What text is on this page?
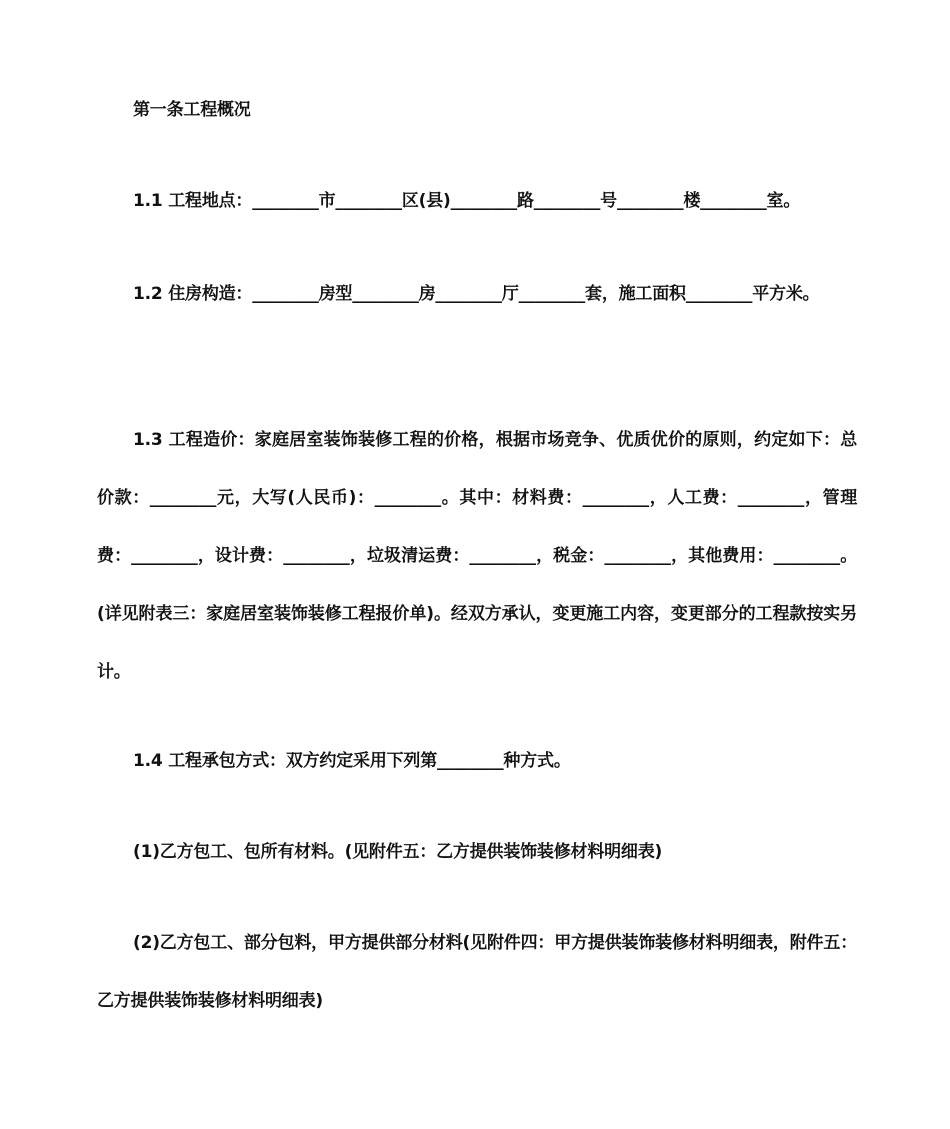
第一条工程概况

1.1 工程地点：________市________区(县)________路________号________楼________室。

1.2 住房构造：________房型________房________厅________套，施工面积________平方米。

1.3 工程造价：家庭居室装饰装修工程的价格，根据市场竞争、优质优价的原则，约定如下：总价款：________元，大写(人民币)：________。其中：材料费：________，人工费：________，管理费：________，设计费：________，垃圾清运费：________，税金：________，其他费用：________。(详见附表三：家庭居室装饰装修工程报价单)。经双方承认，变更施工内容，变更部分的工程款按实另计。

1.4 工程承包方式：双方约定采用下列第________种方式。

(1)乙方包工、包所有材料。(见附件五：乙方提供装饰装修材料明细表)

(2)乙方包工、部分包料，甲方提供部分材料(见附件四：甲方提供装饰装修材料明细表，附件五：乙方提供装饰装修材料明细表)
